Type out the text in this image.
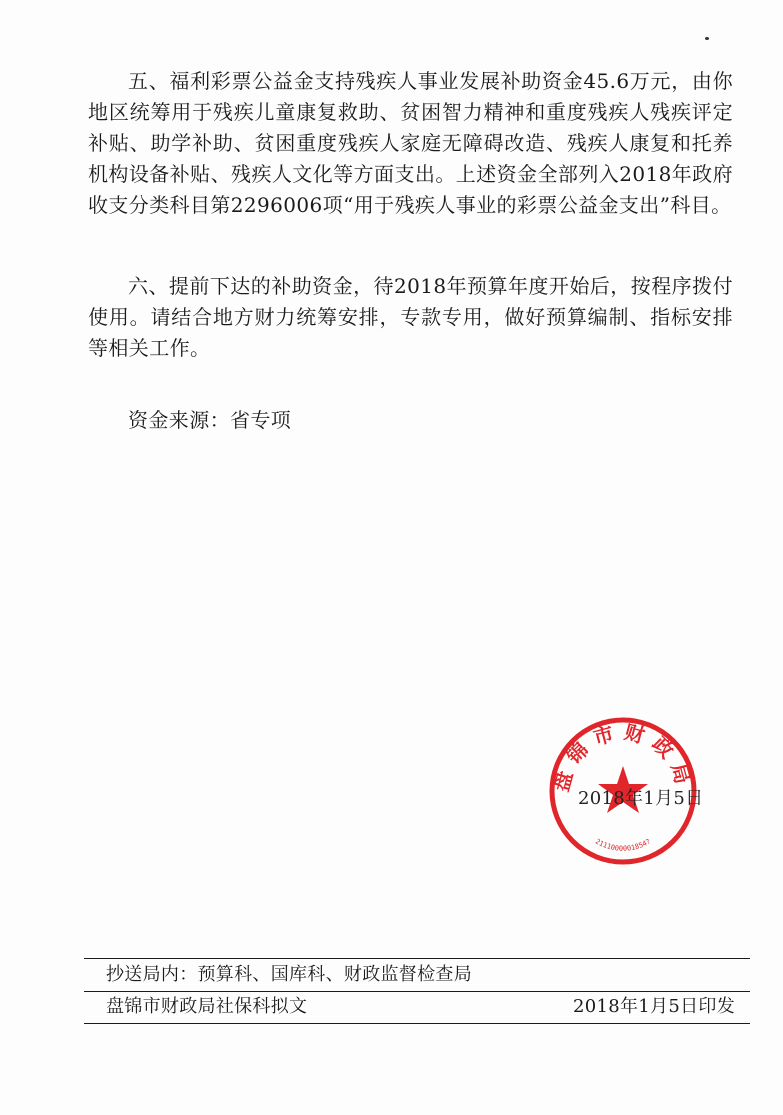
五、福利彩票公益金支持残疾人事业发展补助资金45.6万元，由你地区统筹用于残疾儿童康复救助、贫困智力精神和重度残疾人残疾评定补贴、助学补助、贫困重度残疾人家庭无障碍改造、残疾人康复和托养机构设备补贴、残疾人文化等方面支出。上述资金全部列入2018年政府收支分类科目第2296006项“用于残疾人事业的彩票公益金支出”科目。

六、提前下达的补助资金，待2018年预算年度开始后，按程序拨付使用。请结合地方财力统筹安排，专款专用，做好预算编制、指标安排等相关工作。

资金来源：省专项

盘锦市财政局
2111000001854?
2018年1月5日
抄送局内：预算科、国库科、财政监督检查局
盘锦市财政局社保科拟文	2018年1月5日印发
